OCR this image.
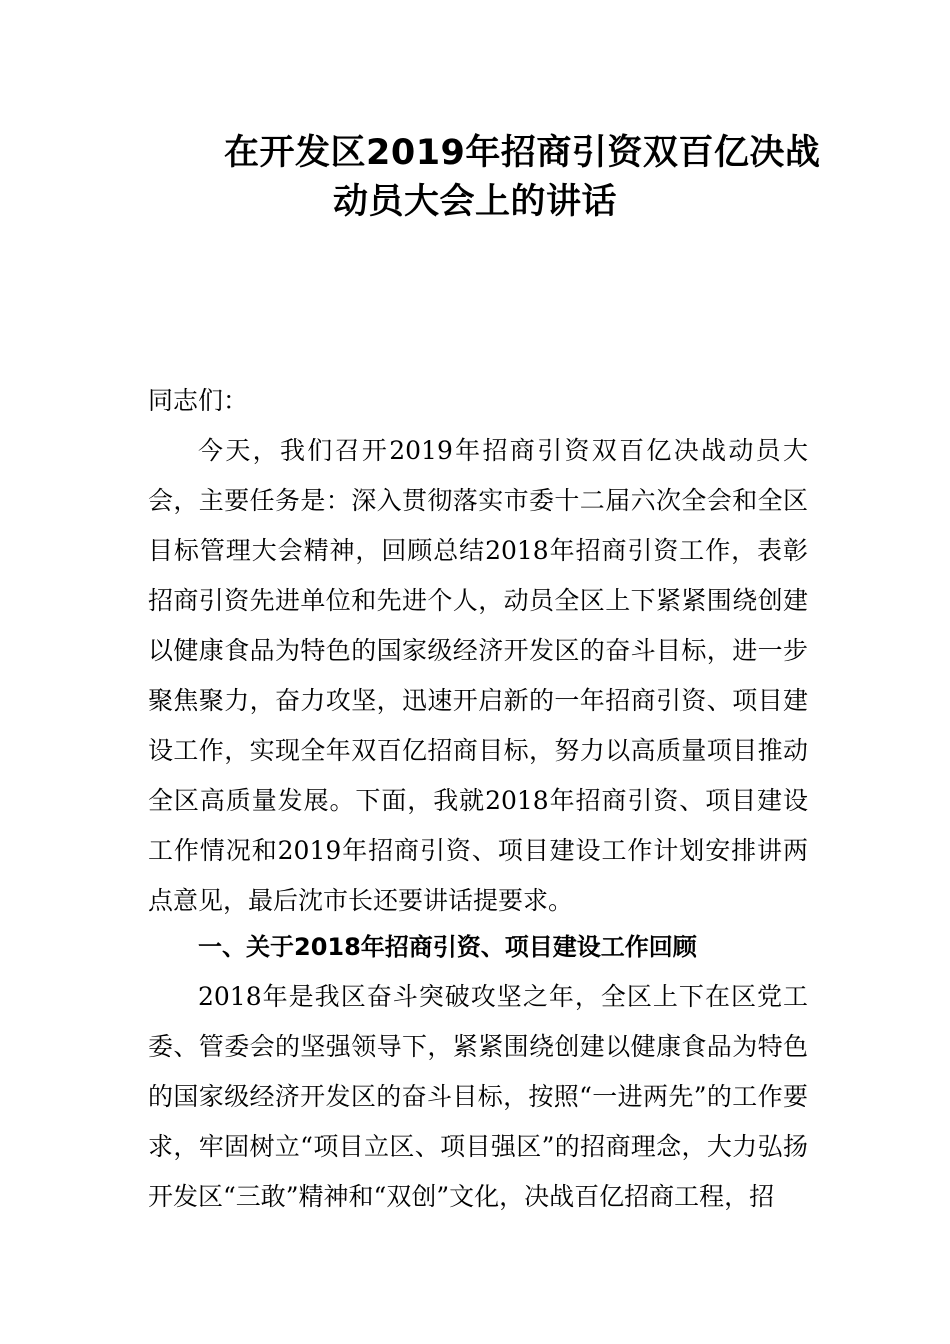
在开发区2019年招商引资双百亿决战
动员大会上的讲话
同志们：
今天，我们召开2019年招商引资双百亿决战动员大会，主要任务是：深入贯彻落实市委十二届六次全会和全区目标管理大会精神，回顾总结2018年招商引资工作，表彰招商引资先进单位和先进个人，动员全区上下紧紧围绕创建以健康食品为特色的国家级经济开发区的奋斗目标，进一步聚焦聚力，奋力攻坚，迅速开启新的一年招商引资、项目建设工作，实现全年双百亿招商目标，努力以高质量项目推动全区高质量发展。下面，我就2018年招商引资、项目建设工作情况和2019年招商引资、项目建设工作计划安排讲两点意见，最后沈市长还要讲话提要求。
一、关于2018年招商引资、项目建设工作回顾
2018年是我区奋斗突破攻坚之年，全区上下在区党工委、管委会的坚强领导下，紧紧围绕创建以健康食品为特色的国家级经济开发区的奋斗目标，按照“一进两先”的工作要求，牢固树立“项目立区、项目强区”的招商理念，大力弘扬开发区“三敢”精神和“双创”文化，决战百亿招商工程，招
